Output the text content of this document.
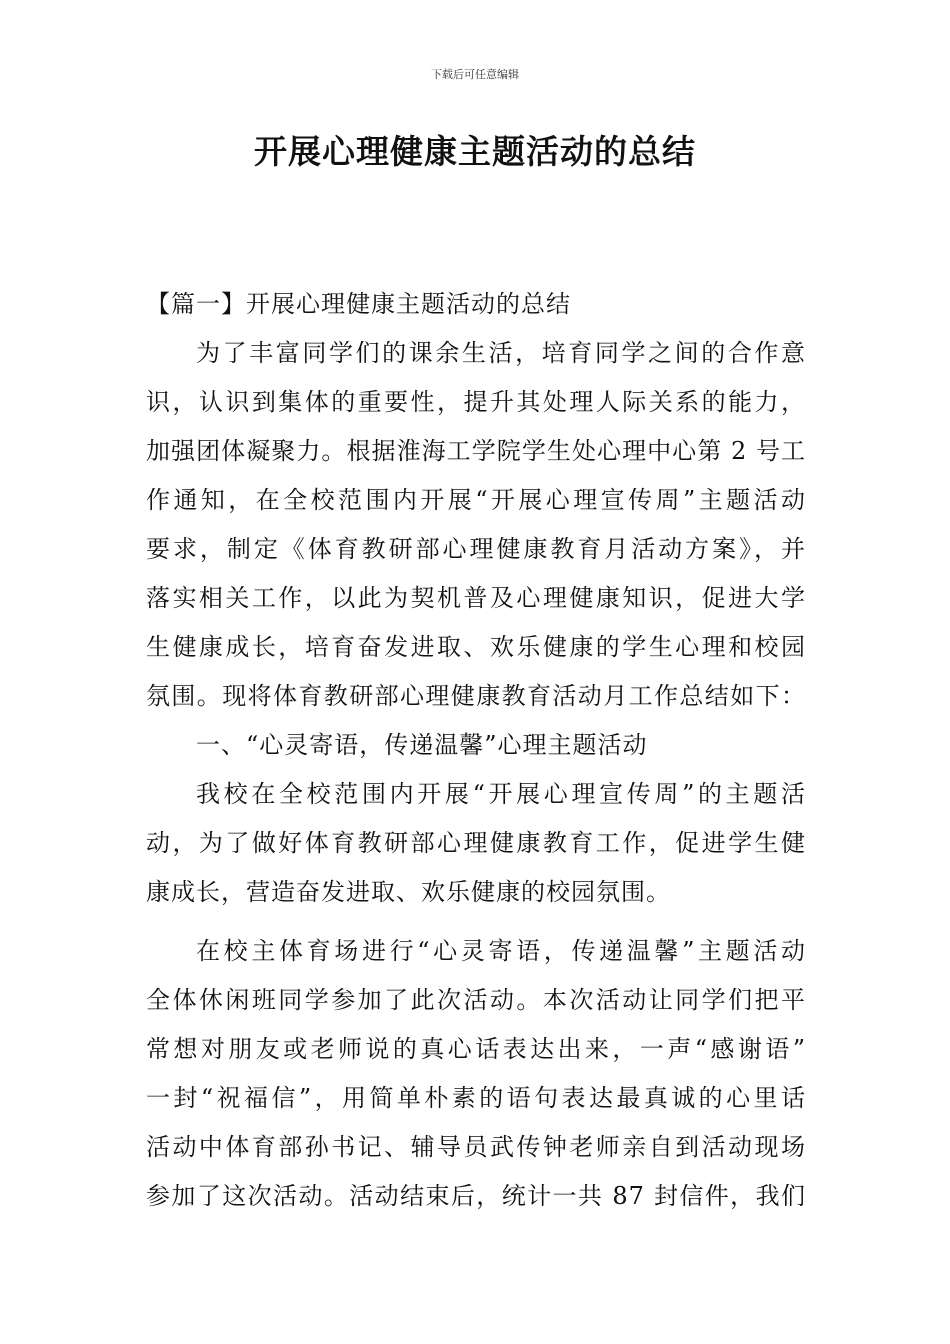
下载后可任意编辑
开展心理健康主题活动的总结
【篇一】开展心理健康主题活动的总结
为了丰富同学们的课余生活，培育同学之间的合作意
识，认识到集体的重要性，提升其处理人际关系的能力，
加强团体凝聚力。根据淮海工学院学生处心理中心第 2 号工
作通知，在全校范围内开展“开展心理宣传周”主题活动
要求，制定《体育教研部心理健康教育月活动方案》，并
落实相关工作，以此为契机普及心理健康知识，促进大学
生健康成长，培育奋发进取、欢乐健康的学生心理和校园
氛围。现将体育教研部心理健康教育活动月工作总结如下：
一、“心灵寄语，传递温馨”心理主题活动
我校在全校范围内开展“开展心理宣传周”的主题活
动，为了做好体育教研部心理健康教育工作，促进学生健
康成长，营造奋发进取、欢乐健康的校园氛围。
在校主体育场进行“心灵寄语，传递温馨”主题活动
全体休闲班同学参加了此次活动。本次活动让同学们把平
常想对朋友或老师说的真心话表达出来，一声“感谢语”
一封“祝福信”，用简单朴素的语句表达最真诚的心里话
活动中体育部孙书记、辅导员武传钟老师亲自到活动现场
参加了这次活动。活动结束后，统计一共 87 封信件，我们
